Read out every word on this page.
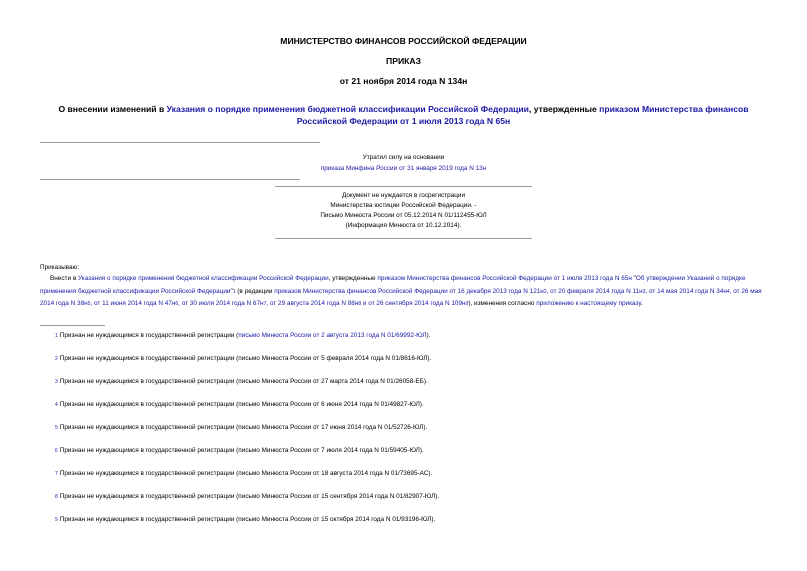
МИНИСТЕРСТВО ФИНАНСОВ РОССИЙСКОЙ ФЕДЕРАЦИИ
ПРИКАЗ
от 21 ноября 2014 года N 134н
О внесении изменений в Указания о порядке применения бюджетной классификации Российской Федерации, утвержденные приказом Министерства финансов Российской Федерации от 1 июля 2013 года N 65н
Утратил силу на основании
приказа Минфина России от 31 января 2019 года N 13н
Документ не нуждается в госрегистрации
Министерства юстиции Российской Федерации. -
Письмо Минюста России от 05.12.2014 N 01/112455-ЮЛ
(Информация Минюста от 10.12.2014).
Приказываю:
Внести в Указания о порядке применения бюджетной классификации Российской Федерации, утвержденные приказом Министерства финансов Российской Федерации от 1 июля 2013 года N 65н "Об утверждении Указаний о порядке применения бюджетной классификации Российской Федерации"$^1$ (в редакции приказов Министерства финансов Российской Федерации от 16 декабря 2013 года N $121н^2$, от 20 февраля 2014 года N $11н^3$, от 14 мая 2014 года N $34н^4$, от 26 мая 2014 года N $38н^5$, от 11 июня 2014 года N $47н^6$, от 30 июля 2014 года N $67н^7$, от 29 августа 2014 года N $88н^8$ и от 26 сентября 2014 года N $109н^9$), изменения согласно приложению к настоящему приказу.
1 Признан не нуждающимся в государственной регистрации (письмо Минюста России от 2 августа 2013 года N 01/69992-ЮЛ).
2 Признан не нуждающимся в государственной регистрации (письмо Минюста России от 5 февраля 2014 года N 01/8616-ЮЛ).
3 Признан не нуждающимся в государственной регистрации (письмо Минюста России от 27 марта 2014 года N 01/26058-ЕБ).
4 Признан не нуждающимся в государственной регистрации (письмо Минюста России от 6 июня 2014 года N 01/49827-ЮЛ).
5 Признан не нуждающимся в государственной регистрации (письмо Минюста России от 17 июня 2014 года N 01/52726-ЮЛ).
6 Признан не нуждающимся в государственной регистрации (письмо Минюста России от 7 июля 2014 года N 01/59405-ЮЛ).
7 Признан не нуждающимся в государственной регистрации (письмо Минюста России от 18 августа 2014 года N 01/73695-АС).
8 Признан не нуждающимся в государственной регистрации (письмо Минюста России от 15 сентября 2014 года N 01/82907-ЮЛ).
9 Признан не нуждающимся в государственной регистрации (письмо Минюста России от 15 октября 2014 года N 01/93196-ЮЛ).
